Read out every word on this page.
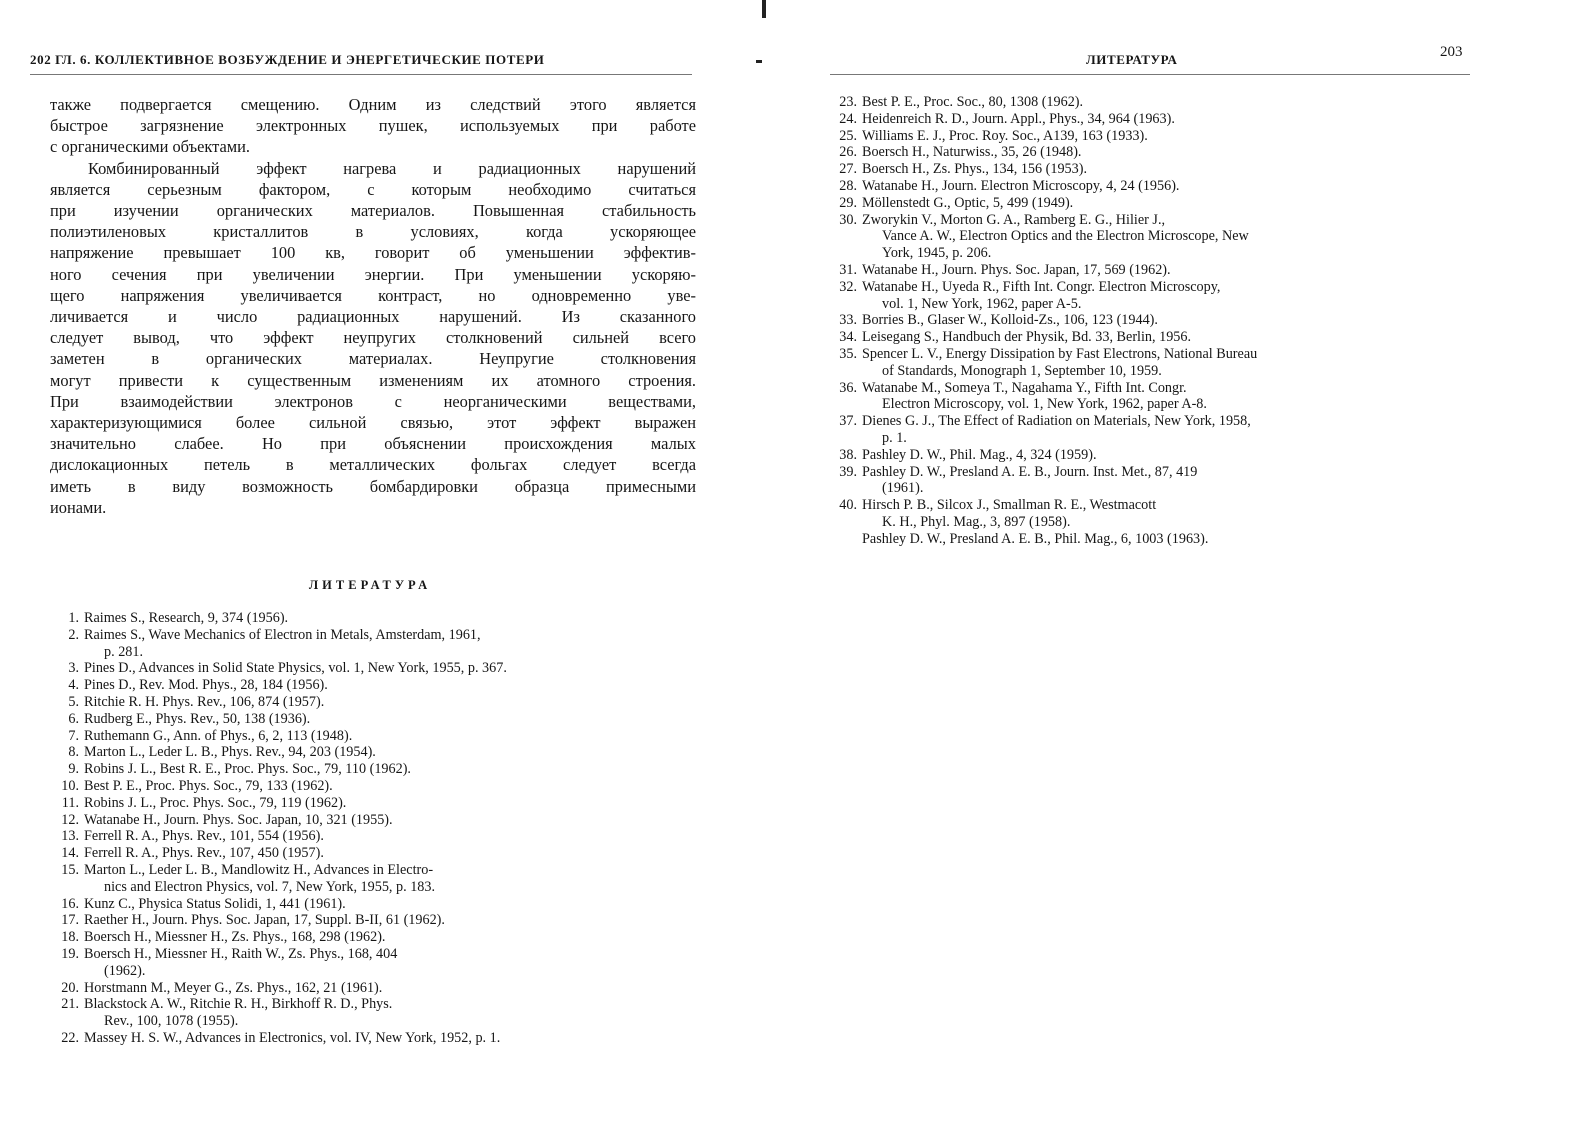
202 ГЛ. 6. КОЛЛЕКТИВНОЕ ВОЗБУЖДЕНИЕ И ЭНЕРГЕТИЧЕСКИЕ ПОТЕРИ
также подвергается смещению. Одним из следствий этого является
быстрое загрязнение электронных пушек, используемых при работе
с органическими объектами.
Комбинированный эффект нагрева и радиационных нарушений
является серьезным фактором, с которым необходимо считаться
при изучении органических материалов. Повышенная стабильность
полиэтиленовых кристаллитов в условиях, когда ускоряющее
напряжение превышает 100 кв, говорит об уменьшении эффектив-
ного сечения при увеличении энергии. При уменьшении ускоряю-
щего напряжения увеличивается контраст, но одновременно уве-
личивается и число радиационных нарушений. Из сказанного
следует вывод, что эффект неупругих столкновений сильней всего
заметен в органических материалах. Неупругие столкновения
могут привести к существенным изменениям их атомного строения.
При взаимодействии электронов с неорганическими веществами,
характеризующимися более сильной связью, этот эффект выражен
значительно слабее. Но при объяснении происхождения малых
дислокационных петель в металлических фольгах следует всегда
иметь в виду возможность бомбардировки образца примесными
ионами.
ЛИТЕРАТУРА
1. Raimes S., Research, 9, 374 (1956).
2. Raimes S., Wave Mechanics of Electron in Metals, Amsterdam, 1961,
p. 281.
3. Pines D., Advances in Solid State Physics, vol. 1, New York, 1955, p. 367.
4. Pines D., Rev. Mod. Phys., 28, 184 (1956).
5. Ritchie R. H. Phys. Rev., 106, 874 (1957).
6. Rudberg E., Phys. Rev., 50, 138 (1936).
7. Ruthemann G., Ann. of Phys., 6, 2, 113 (1948).
8. Marton L., Leder L. B., Phys. Rev., 94, 203 (1954).
9. Robins J. L., Best R. E., Proc. Phys. Soc., 79, 110 (1962).
10. Best P. E., Proc. Phys. Soc., 79, 133 (1962).
11. Robins J. L., Proc. Phys. Soc., 79, 119 (1962).
12. Watanabe H., Journ. Phys. Soc. Japan, 10, 321 (1955).
13. Ferrell R. A., Phys. Rev., 101, 554 (1956).
14. Ferrell R. A., Phys. Rev., 107, 450 (1957).
15. Marton L., Leder L. B., Mandlowitz H., Advances in Electro-
nics and Electron Physics, vol. 7, New York, 1955, p. 183.
16. Kunz C., Physica Status Solidi, 1, 441 (1961).
17. Raether H., Journ. Phys. Soc. Japan, 17, Suppl. B-II, 61 (1962).
18. Boersch H., Miessner H., Zs. Phys., 168, 298 (1962).
19. Boersch H., Miessner H., Raith W., Zs. Phys., 168, 404
(1962).
20. Horstmann M., Meyer G., Zs. Phys., 162, 21 (1961).
21. Blackstock A. W., Ritchie R. H., Birkhoff R. D., Phys.
Rev., 100, 1078 (1955).
22. Massey H. S. W., Advances in Electronics, vol. IV, New York, 1952, p. 1.
ЛИТЕРАТУРА	203
23. Best P. E., Proc. Soc., 80, 1308 (1962).
24. Heidenreich R. D., Journ. Appl., Phys., 34, 964 (1963).
25. Williams E. J., Proc. Roy. Soc., A139, 163 (1933).
26. Boersch H., Naturwiss., 35, 26 (1948).
27. Boersch H., Zs. Phys., 134, 156 (1953).
28. Watanabe H., Journ. Electron Microscopy, 4, 24 (1956).
29. Möllenstedt G., Optic, 5, 499 (1949).
30. Zworykin V., Morton G. A., Ramberg E. G., Hilier J.,
Vance A. W., Electron Optics and the Electron Microscope, New
York, 1945, p. 206.
31. Watanabe H., Journ. Phys. Soc. Japan, 17, 569 (1962).
32. Watanabe H., Uyeda R., Fifth Int. Congr. Electron Microscopy,
vol. 1, New York, 1962, paper A-5.
33. Borries B., Glaser W., Kolloid-Zs., 106, 123 (1944).
34. Leisegang S., Handbuch der Physik, Bd. 33, Berlin, 1956.
35. Spencer L. V., Energy Dissipation by Fast Electrons, National Bureau
of Standards, Monograph 1, September 10, 1959.
36. Watanabe M., Someya T., Nagahama Y., Fifth Int. Congr.
Electron Microscopy, vol. 1, New York, 1962, paper A-8.
37. Dienes G. J., The Effect of Radiation on Materials, New York, 1958,
p. 1.
38. Pashley D. W., Phil. Mag., 4, 324 (1959).
39. Pashley D. W., Presland A. E. B., Journ. Inst. Met., 87, 419
(1961).
40. Hirsch P. B., Silcox J., Smallman R. E., Westmacott
K. H., Phyl. Mag., 3, 897 (1958).
Pashley D. W., Presland A. E. B., Phil. Mag., 6, 1003 (1963).
